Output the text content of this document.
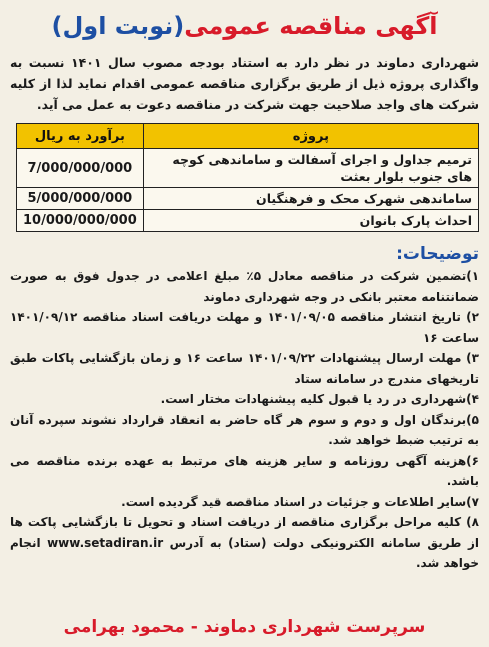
آگهی مناقصه عمومی(نوبت اول)
شهرداری دماوند در نظر دارد به استناد بودجه مصوب سال ۱۴۰۱ نسبت به واگذاری پروژه ذیل از طریق برگزاری مناقصه عمومی اقدام نماید لذا از کلیه شرکت های واجد صلاحیت جهت شرکت در مناقصه دعوت به عمل می آید.
پروژه	برآورد به ریال
ترمیم جداول و اجرای آسفالت و ساماندهی کوچه های جنوب بلوار بعثت	7/000/000/000
ساماندهی شهرک محک و فرهنگیان	5/000/000/000
احداث پارک بانوان	10/000/000/000
توضیحات:
۱)تضمین شرکت در مناقصه معادل ۵٪ مبلغ اعلامی در جدول فوق به صورت ضمانتنامه معتبر بانکی در وجه شهرداری دماوند
۲) تاریخ انتشار مناقصه ۱۴۰۱/۰۹/۰۵ و مهلت دریافت اسناد مناقصه ۱۴۰۱/۰۹/۱۲ ساعت ۱۶
۳) مهلت ارسال پیشنهادات ۱۴۰۱/۰۹/۲۲ ساعت ۱۶ و زمان بازگشایی پاکات طبق تاریخهای مندرج در سامانه ستاد
۴)شهرداری در رد یا قبول کلیه پیشنهادات مختار است.
۵)برندگان اول و دوم و سوم هر گاه حاضر به انعقاد قرارداد نشوند سپرده آنان به ترتیب ضبط خواهد شد.
۶)هزینه آگهی روزنامه و سایر هزینه های مرتبط به عهده برنده مناقصه می باشد.
۷)سایر اطلاعات و جزئیات در اسناد مناقصه قید گردیده است.
۸) کلیه مراحل برگزاری مناقصه از دریافت اسناد و تحویل تا بازگشایی پاکت ها از طریق سامانه الکترونیکی دولت (ستاد) به آدرس www.setadiran.ir انجام خواهد شد.
سرپرست شهرداری دماوند - محمود بهرامی
